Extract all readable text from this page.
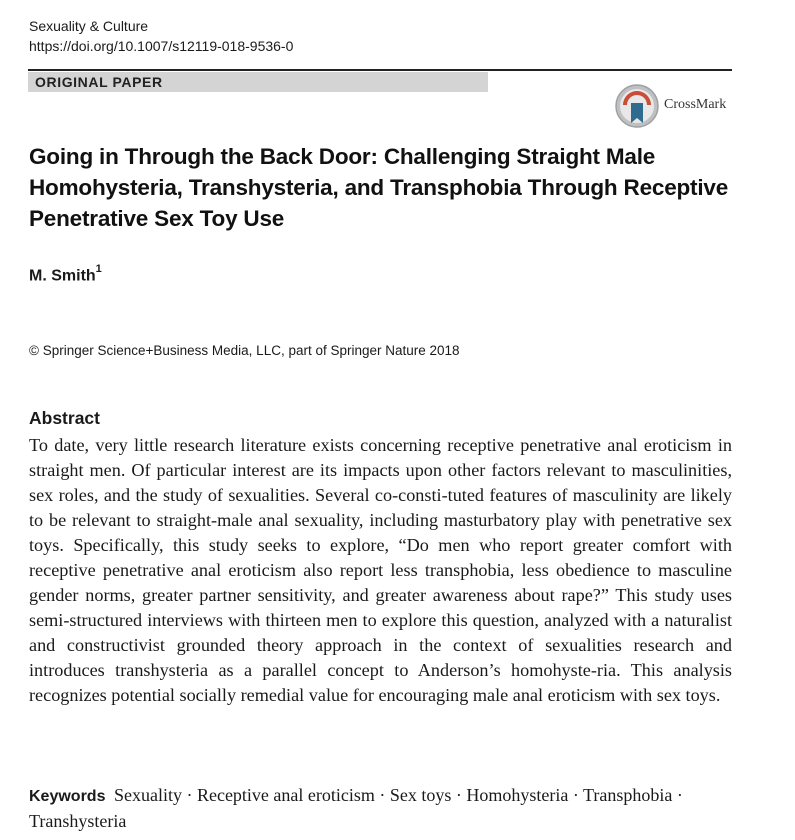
Sexuality & Culture
https://doi.org/10.1007/s12119-018-9536-0
ORIGINAL PAPER
CrossMark
Going in Through the Back Door: Challenging Straight Male Homohysteria, Transhysteria, and Transphobia Through Receptive Penetrative Sex Toy Use
M. Smith$^1$
© Springer Science+Business Media, LLC, part of Springer Nature 2018
Abstract

To date, very little research literature exists concerning receptive penetrative anal eroticism in straight men. Of particular interest are its impacts upon other factors relevant to masculinities, sex roles, and the study of sexualities. Several co-consti-tuted features of masculinity are likely to be relevant to straight-male anal sexuality, including masturbatory play with penetrative sex toys. Specifically, this study seeks to explore, “Do men who report greater comfort with receptive penetrative anal eroticism also report less transphobia, less obedience to masculine gender norms, greater partner sensitivity, and greater awareness about rape?” This study uses semi-structured interviews with thirteen men to explore this question, analyzed with a naturalist and constructivist grounded theory approach in the context of sexualities research and introduces transhysteria as a parallel concept to Anderson’s homohyste-ria. This analysis recognizes potential socially remedial value for encouraging male anal eroticism with sex toys.

Keywords Sexuality · Receptive anal eroticism · Sex toys · Homohysteria · Transphobia · Transhysteria
